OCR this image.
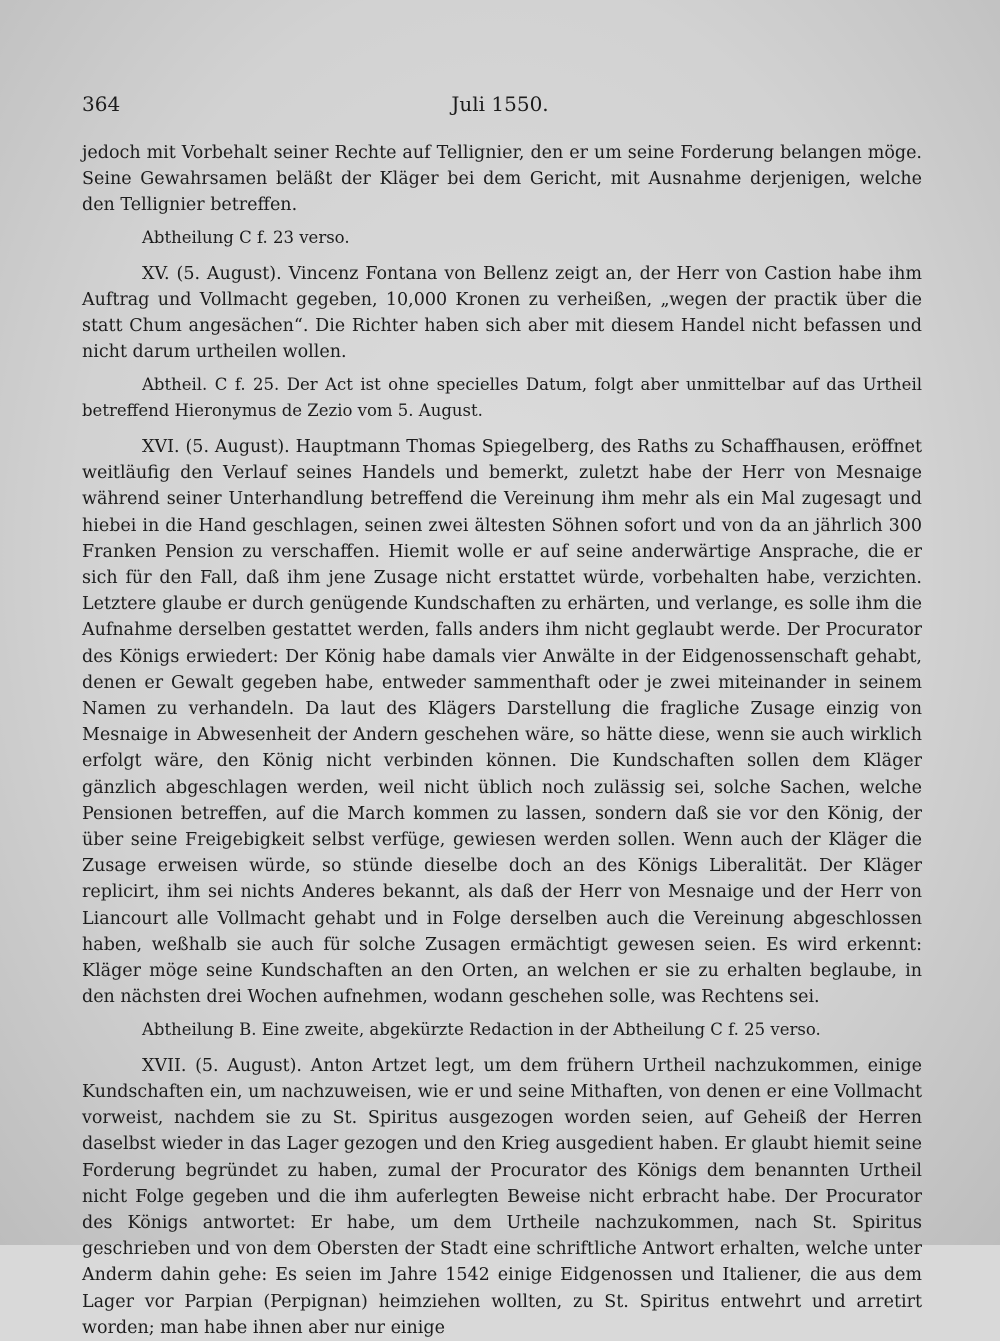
364	Juli 1550.

jedoch mit Vorbehalt seiner Rechte auf Tellignier, den er um seine Forderung belangen möge. Seine Gewahrsamen beläßt der Kläger bei dem Gericht, mit Ausnahme derjenigen, welche den Tellignier betreffen.

Abtheilung C f. 23 verso.

XV. (5. August). Vincenz Fontana von Bellenz zeigt an, der Herr von Castion habe ihm Auftrag und Vollmacht gegeben, 10,000 Kronen zu verheißen, „wegen der practik über die statt Chum angesächen“. Die Richter haben sich aber mit diesem Handel nicht befassen und nicht darum urtheilen wollen.

Abtheil. C f. 25. Der Act ist ohne specielles Datum, folgt aber unmittelbar auf das Urtheil betreffend Hieronymus de Zezio vom 5. August.

XVI. (5. August). Hauptmann Thomas Spiegelberg, des Raths zu Schaffhausen, eröffnet weitläufig den Verlauf seines Handels und bemerkt, zuletzt habe der Herr von Mesnaige während seiner Unterhandlung betreffend die Vereinung ihm mehr als ein Mal zugesagt und hiebei in die Hand geschlagen, seinen zwei ältesten Söhnen sofort und von da an jährlich 300 Franken Pension zu verschaffen. Hiemit wolle er auf seine anderwärtige Ansprache, die er sich für den Fall, daß ihm jene Zusage nicht erstattet würde, vorbehalten habe, verzichten. Letztere glaube er durch genügende Kundschaften zu erhärten, und verlange, es solle ihm die Aufnahme derselben gestattet werden, falls anders ihm nicht geglaubt werde. Der Procurator des Königs erwiedert: Der König habe damals vier Anwälte in der Eidgenossenschaft gehabt, denen er Gewalt gegeben habe, entweder sammenthaft oder je zwei miteinander in seinem Namen zu verhandeln. Da laut des Klägers Darstellung die fragliche Zusage einzig von Mesnaige in Abwesenheit der Andern geschehen wäre, so hätte diese, wenn sie auch wirklich erfolgt wäre, den König nicht verbinden können. Die Kundschaften sollen dem Kläger gänzlich abgeschlagen werden, weil nicht üblich noch zulässig sei, solche Sachen, welche Pensionen betreffen, auf die March kommen zu lassen, sondern daß sie vor den König, der über seine Freigebigkeit selbst verfüge, gewiesen werden sollen. Wenn auch der Kläger die Zusage erweisen würde, so stünde dieselbe doch an des Königs Liberalität. Der Kläger replicirt, ihm sei nichts Anderes bekannt, als daß der Herr von Mesnaige und der Herr von Liancourt alle Vollmacht gehabt und in Folge derselben auch die Vereinung abgeschlossen haben, weßhalb sie auch für solche Zusagen ermächtigt gewesen seien. Es wird erkennt: Kläger möge seine Kundschaften an den Orten, an welchen er sie zu erhalten beglaube, in den nächsten drei Wochen aufnehmen, wodann geschehen solle, was Rechtens sei.

Abtheilung B. Eine zweite, abgekürzte Redaction in der Abtheilung C f. 25 verso.

XVII. (5. August). Anton Artzet legt, um dem frühern Urtheil nachzukommen, einige Kundschaften ein, um nachzuweisen, wie er und seine Mithaften, von denen er eine Vollmacht vorweist, nachdem sie zu St. Spiritus ausgezogen worden seien, auf Geheiß der Herren daselbst wieder in das Lager gezogen und den Krieg ausgedient haben. Er glaubt hiemit seine Forderung begründet zu haben, zumal der Procurator des Königs dem benannten Urtheil nicht Folge gegeben und die ihm auferlegten Beweise nicht erbracht habe. Der Procurator des Königs antwortet: Er habe, um dem Urtheile nachzukommen, nach St. Spiritus geschrieben und von dem Obersten der Stadt eine schriftliche Antwort erhalten, welche unter Anderm dahin gehe: Es seien im Jahre 1542 einige Eidgenossen und Italiener, die aus dem Lager vor Parpian (Perpignan) heimziehen wollten, zu St. Spiritus entwehrt und arretirt worden; man habe ihnen aber nur einige
